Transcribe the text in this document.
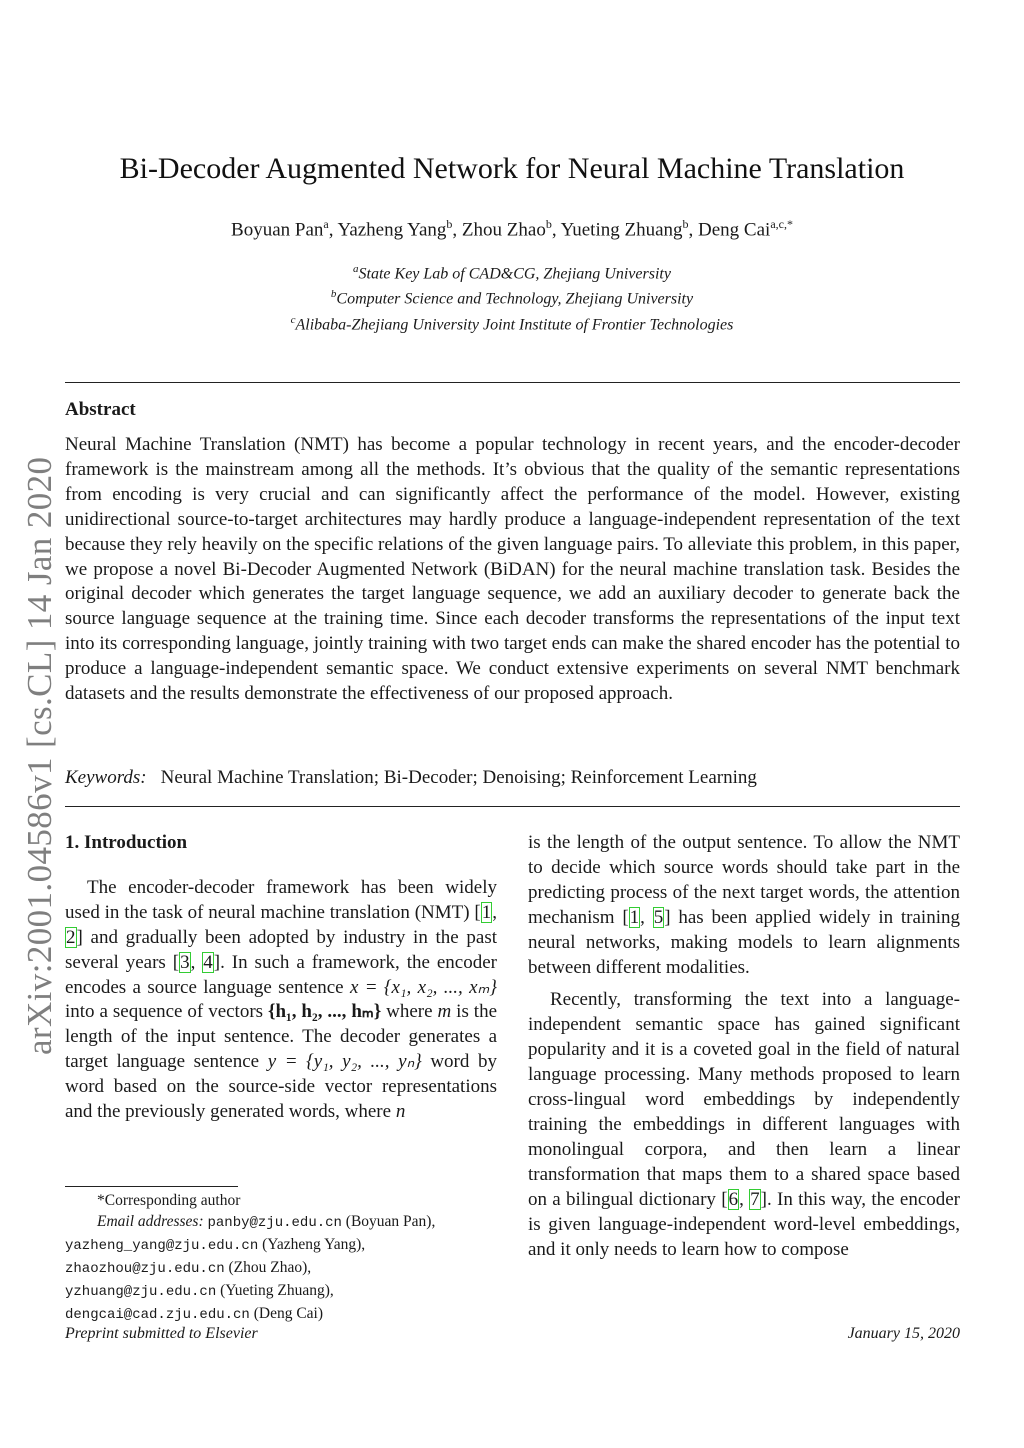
arXiv:2001.04586v1 [cs.CL] 14 Jan 2020
Bi-Decoder Augmented Network for Neural Machine Translation
Boyuan Pan$^a$, Yazheng Yang$^b$, Zhou Zhao$^b$, Yueting Zhuang$^b$, Deng Cai$^{a,c,*}$
$^a$State Key Lab of CAD&CG, Zhejiang University
$^b$Computer Science and Technology, Zhejiang University
$^c$Alibaba-Zhejiang University Joint Institute of Frontier Technologies
Abstract

Neural Machine Translation (NMT) has become a popular technology in recent years, and the encoder-decoder framework is the mainstream among all the methods. It’s obvious that the quality of the semantic representations from encoding is very crucial and can significantly affect the performance of the model. However, existing unidirectional source-to-target architectures may hardly produce a language-independent representation of the text because they rely heavily on the specific relations of the given language pairs. To alleviate this problem, in this paper, we propose a novel Bi-Decoder Augmented Network (BiDAN) for the neural machine translation task. Besides the original decoder which generates the target language sequence, we add an auxiliary decoder to generate back the source language sequence at the training time. Since each decoder transforms the representations of the input text into its corresponding language, jointly training with two target ends can make the shared encoder has the potential to produce a language-independent semantic space. We conduct extensive experiments on several NMT benchmark datasets and the results demonstrate the effectiveness of our proposed approach.

Keywords: Neural Machine Translation; Bi-Decoder; Denoising; Reinforcement Learning
1. Introduction

The encoder-decoder framework has been widely used in the task of neural machine translation (NMT) [1, 2] and gradually been adopted by industry in the past several years [3, 4]. In such a framework, the encoder encodes a source language sentence x = {x₁, x₂, ..., xₘ} into a sequence of vectors {h₁, h₂, ..., hₘ} where m is the length of the input sentence. The decoder generates a target language sentence y = {y₁, y₂, ..., yₙ} word by word based on the source-side vector representations and the previously generated words, where n

is the length of the output sentence. To allow the NMT to decide which source words should take part in the predicting process of the next target words, the attention mechanism [1, 5] has been applied widely in training neural networks, making models to learn alignments between different modalities.

Recently, transforming the text into a language-independent semantic space has gained significant popularity and it is a coveted goal in the field of natural language processing. Many methods proposed to learn cross-lingual word embeddings by independently training the embeddings in different languages with monolingual corpora, and then learn a linear transformation that maps them to a shared space based on a bilingual dictionary [6, 7]. In this way, the encoder is given language-independent word-level embeddings, and it only needs to learn how to compose

*Corresponding author

Email addresses: panby@zju.edu.cn (Boyuan Pan),

yazheng_yang@zju.edu.cn (Yazheng Yang),

zhaozhou@zju.edu.cn (Zhou Zhao),

yzhuang@zju.edu.cn (Yueting Zhuang),

dengcai@cad.zju.edu.cn (Deng Cai)

Preprint submitted to Elsevier	January 15, 2020
